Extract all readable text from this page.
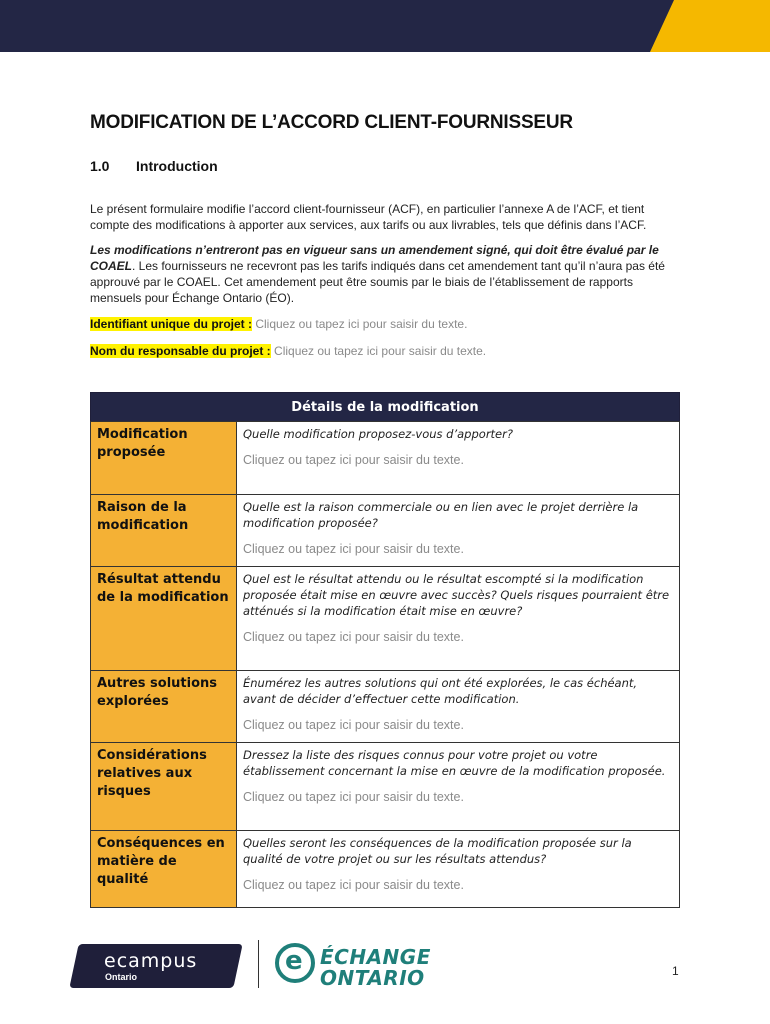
MODIFICATION DE L’ACCORD CLIENT-FOURNISSEUR
1.0 Introduction
Le présent formulaire modifie l’accord client-fournisseur (ACF), en particulier l’annexe A de l’ACF, et tient compte des modifications à apporter aux services, aux tarifs ou aux livrables, tels que définis dans l’ACF.
Les modifications n’entreront pas en vigueur sans un amendement signé, qui doit être évalué par le COAEL. Les fournisseurs ne recevront pas les tarifs indiqués dans cet amendement tant qu’il n’aura pas été approuvé par le COAEL. Cet amendement peut être soumis par le biais de l’établissement de rapports mensuels pour Échange Ontario (ÉO).
Identifiant unique du projet : Cliquez ou tapez ici pour saisir du texte.
Nom du responsable du projet : Cliquez ou tapez ici pour saisir du texte.
Détails de la modification	
Modification proposée	Quelle modification proposez-vous d’apporter?
Cliquez ou tapez ici pour saisir du texte.

Raison de la modification	Quelle est la raison commerciale ou en lien avec le projet derrière la modification proposée?
Cliquez ou tapez ici pour saisir du texte.

Résultat attendu de la modification	Quel est le résultat attendu ou le résultat escompté si la modification proposée était mise en œuvre avec succès? Quels risques pourraient être atténués si la modification était mise en œuvre?
Cliquez ou tapez ici pour saisir du texte.

Autres solutions explorées	Énumérez les autres solutions qui ont été explorées, le cas échéant, avant de décider d’effectuer cette modification.
Cliquez ou tapez ici pour saisir du texte.

Considérations relatives aux risques	Dressez la liste des risques connus pour votre projet ou votre établissement concernant la mise en œuvre de la modification proposée.
Cliquez ou tapez ici pour saisir du texte.

Conséquences en matière de qualité	Quelles seront les conséquences de la modification proposée sur la qualité de votre projet ou sur les résultats attendus?
Cliquez ou tapez ici pour saisir du texte.
ecampus
Ontario
e ÉCHANGE
ONTARIO	1
